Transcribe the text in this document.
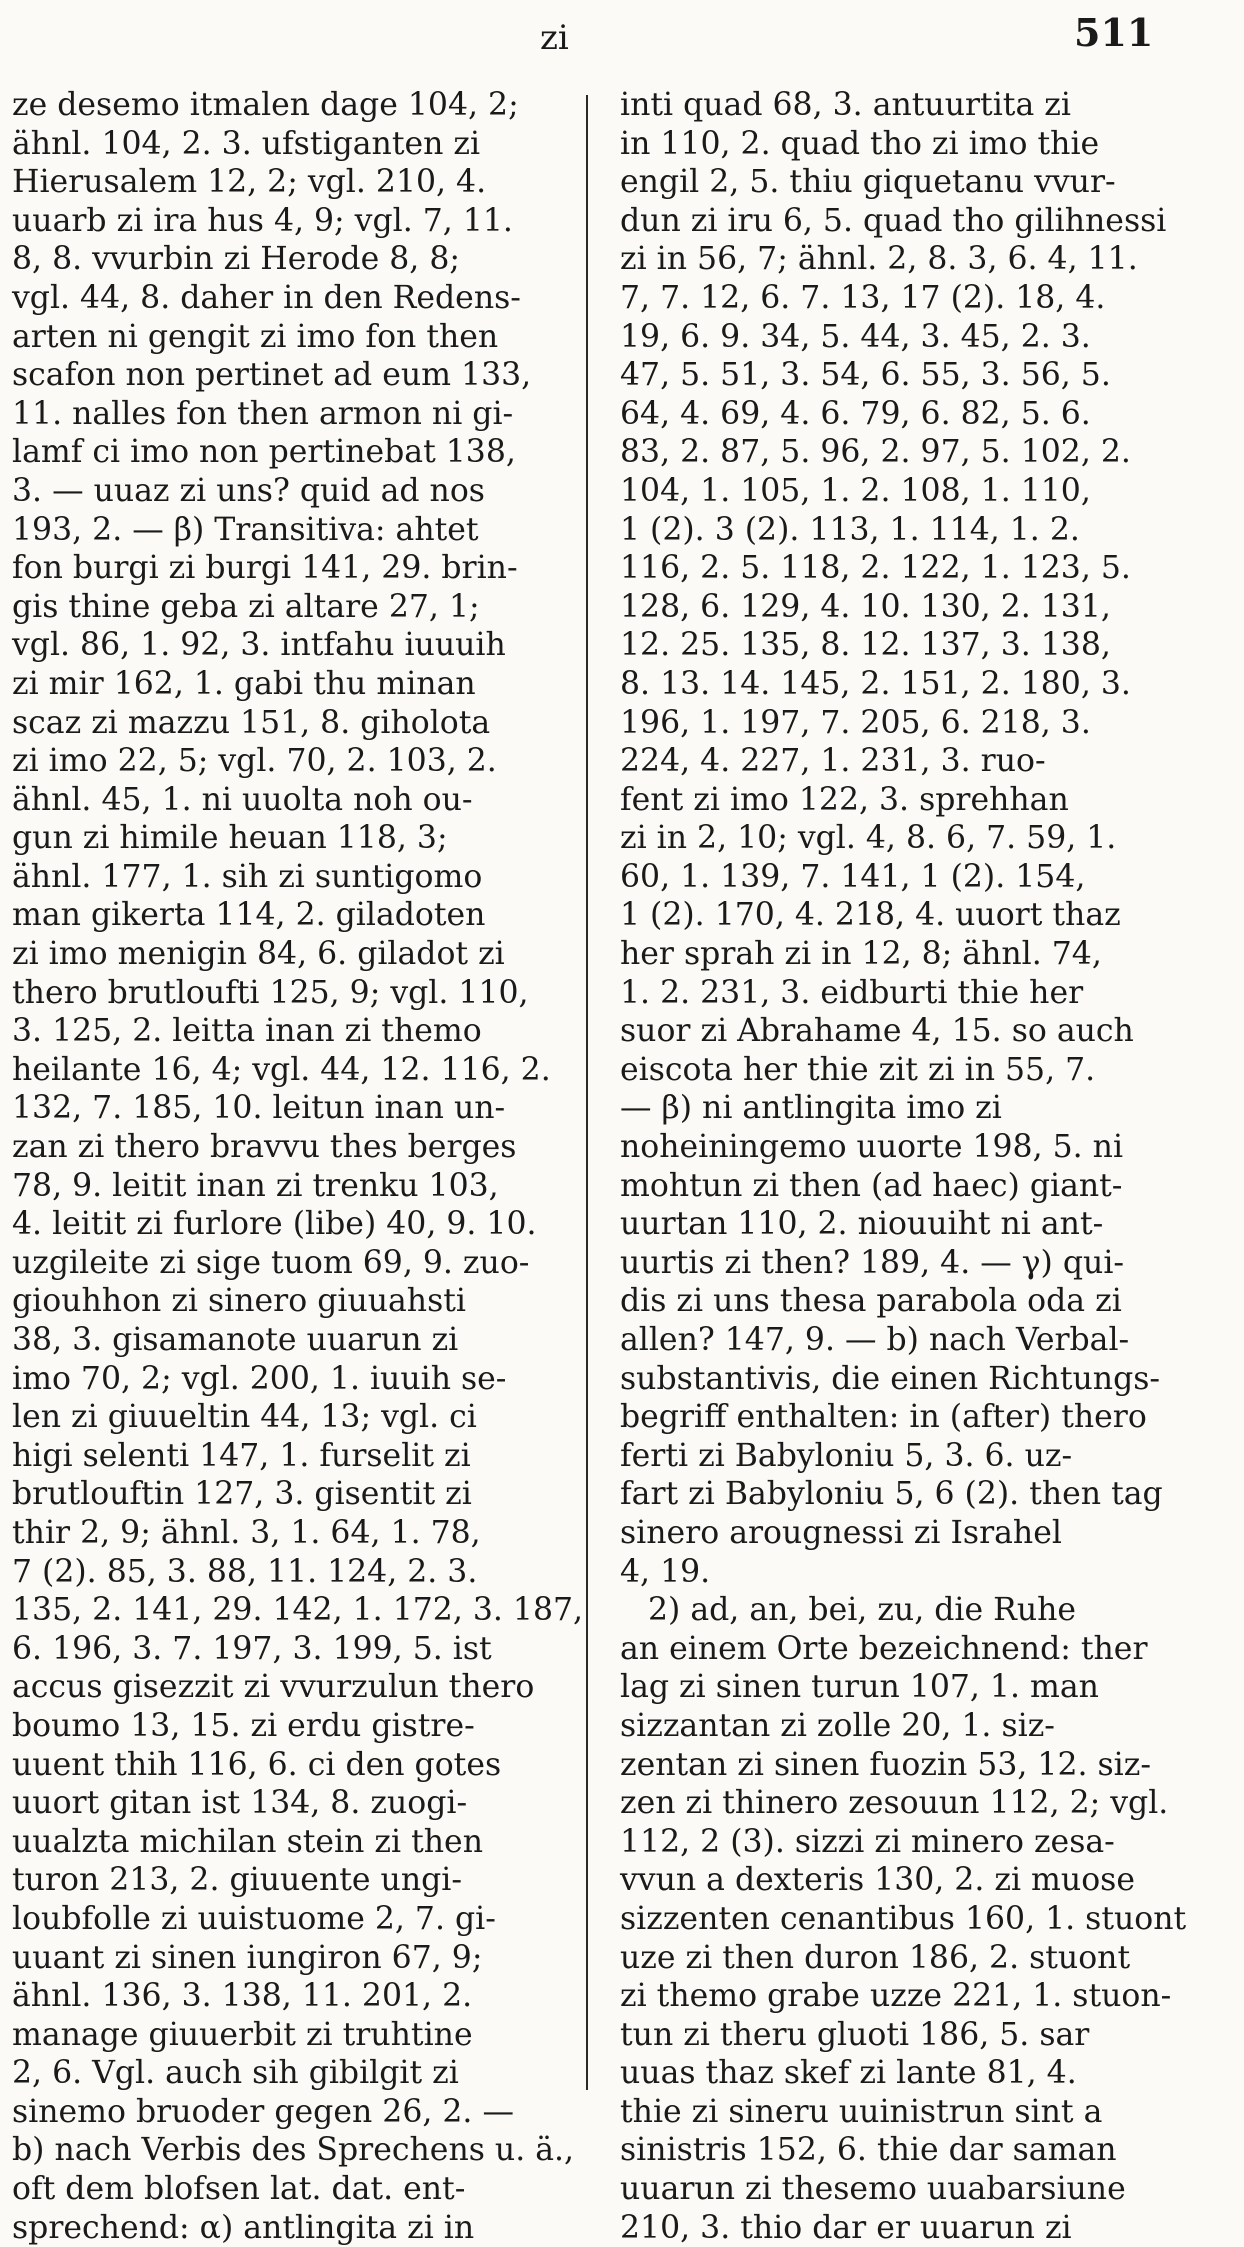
zi	511
ze desemo itmalen dage 104, 2;
ähnl. 104, 2. 3. ufstiganten zi
Hierusalem 12, 2; vgl. 210, 4.
uuarb zi ira hus 4, 9; vgl. 7, 11.
8, 8. vvurbin zi Herode 8, 8;
vgl. 44, 8. daher in den Redens-
arten ni gengit zi imo fon then
scafon non pertinet ad eum 133,
11. nalles fon then armon ni gi-
lamf ci imo non pertinebat 138,
3. — uuaz zi uns? quid ad nos
193, 2. — β) Transitiva: ahtet
fon burgi zi burgi 141, 29. brin-
gis thine geba zi altare 27, 1;
vgl. 86, 1. 92, 3. intfahu iuuuih
zi mir 162, 1. gabi thu minan
scaz zi mazzu 151, 8. giholota
zi imo 22, 5; vgl. 70, 2. 103, 2.
ähnl. 45, 1. ni uuolta noh ou-
gun zi himile heuan 118, 3;
ähnl. 177, 1. sih zi suntigomo
man gikerta 114, 2. giladoten
zi imo menigin 84, 6. giladot zi
thero brutloufti 125, 9; vgl. 110,
3. 125, 2. leitta inan zi themo
heilante 16, 4; vgl. 44, 12. 116, 2.
132, 7. 185, 10. leitun inan un-
zan zi thero bravvu thes berges
78, 9. leitit inan zi trenku 103,
4. leitit zi furlore (libe) 40, 9. 10.
uzgileite zi sige tuom 69, 9. zuo-
giouhhon zi sinero giuuahsti
38, 3. gisamanote uuarun zi
imo 70, 2; vgl. 200, 1. iuuih se-
len zi giuueltin 44, 13; vgl. ci
higi selenti 147, 1. furselit zi
brutlouftin 127, 3. gisentit zi
thir 2, 9; ähnl. 3, 1. 64, 1. 78,
7 (2). 85, 3. 88, 11. 124, 2. 3.
135, 2. 141, 29. 142, 1. 172, 3. 187,
6. 196, 3. 7. 197, 3. 199, 5. ist
accus gisezzit zi vvurzulun thero
boumo 13, 15. zi erdu gistre-
uuent thih 116, 6. ci den gotes
uuort gitan ist 134, 8. zuogi-
uualzta michilan stein zi then
turon 213, 2. giuuente ungi-
loubfolle zi uuistuome 2, 7. gi-
uuant zi sinen iungiron 67, 9;
ähnl. 136, 3. 138, 11. 201, 2.
manage giuuerbit zi truhtine
2, 6. Vgl. auch sih gibilgit zi
sinemo bruoder gegen 26, 2. —
b) nach Verbis des Sprechens u. ä.,
oft dem blofsen lat. dat. ent-
sprechend: α) antlingita zi in
inti quad 68, 3. antuurtita zi
in 110, 2. quad tho zi imo thie
engil 2, 5. thiu giquetanu vvur-
dun zi iru 6, 5. quad tho gilihnessi
zi in 56, 7; ähnl. 2, 8. 3, 6. 4, 11.
7, 7. 12, 6. 7. 13, 17 (2). 18, 4.
19, 6. 9. 34, 5. 44, 3. 45, 2. 3.
47, 5. 51, 3. 54, 6. 55, 3. 56, 5.
64, 4. 69, 4. 6. 79, 6. 82, 5. 6.
83, 2. 87, 5. 96, 2. 97, 5. 102, 2.
104, 1. 105, 1. 2. 108, 1. 110,
1 (2). 3 (2). 113, 1. 114, 1. 2.
116, 2. 5. 118, 2. 122, 1. 123, 5.
128, 6. 129, 4. 10. 130, 2. 131,
12. 25. 135, 8. 12. 137, 3. 138,
8. 13. 14. 145, 2. 151, 2. 180, 3.
196, 1. 197, 7. 205, 6. 218, 3.
224, 4. 227, 1. 231, 3. ruo-
fent zi imo 122, 3. sprehhan
zi in 2, 10; vgl. 4, 8. 6, 7. 59, 1.
60, 1. 139, 7. 141, 1 (2). 154,
1 (2). 170, 4. 218, 4. uuort thaz
her sprah zi in 12, 8; ähnl. 74,
1. 2. 231, 3. eidburti thie her
suor zi Abrahame 4, 15. so auch
eiscota her thie zit zi in 55, 7.
— β) ni antlingita imo zi
noheiningemo uuorte 198, 5. ni
mohtun zi then (ad haec) giant-
uurtan 110, 2. niouuiht ni ant-
uurtis zi then? 189, 4. — γ) qui-
dis zi uns thesa parabola oda zi
allen? 147, 9. — b) nach Verbal-
substantivis, die einen Richtungs-
begriff enthalten: in (after) thero
ferti zi Babyloniu 5, 3. 6. uz-
fart zi Babyloniu 5, 6 (2). then tag
sinero arougnessi zi Israhel
4, 19.
2) ad, an, bei, zu, die Ruhe
an einem Orte bezeichnend: ther
lag zi sinen turun 107, 1. man
sizzantan zi zolle 20, 1. siz-
zentan zi sinen fuozin 53, 12. siz-
zen zi thinero zesouun 112, 2; vgl.
112, 2 (3). sizzi zi minero zesa-
vvun a dexteris 130, 2. zi muose
sizzenten cenantibus 160, 1. stuont
uze zi then duron 186, 2. stuont
zi themo grabe uzze 221, 1. stuon-
tun zi theru gluoti 186, 5. sar
uuas thaz skef zi lante 81, 4.
thie zi sineru uuinistrun sint a
sinistris 152, 6. thie dar saman
uuarun zi thesemo uuabarsiune
210, 3. thio dar er uuarun zi
